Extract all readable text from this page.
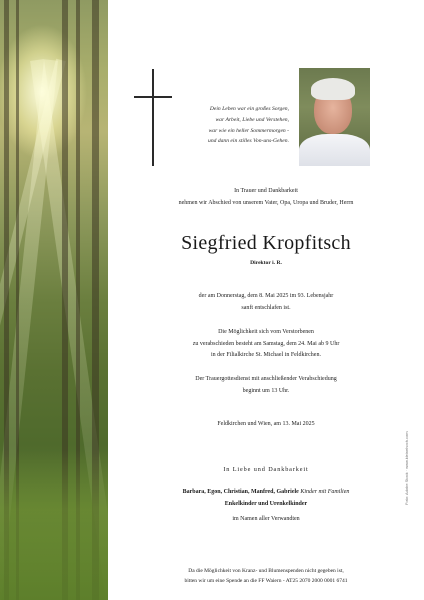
Dein Leben war ein großes Sorgen,
war Arbeit, Liebe und Verstehen,
war wie ein heller Sommermorgen -
und dann ein stilles Von-uns-Gehen.
In Trauer und Dankbarkeit
nehmen wir Abschied von unserem Vater, Opa, Uropa und Bruder, Herrn
Siegfried Kropfitsch
Direktor i. R.
der am Donnerstag, dem 8. Mai 2025 im 93. Lebensjahr
sanft entschlafen ist.
Die Möglichkeit sich vom Verstorbenen
zu verabschieden besteht am Samstag, dem 24. Mai ab 9 Uhr
in der Filialkirche St. Michael in Feldkirchen.
Der Trauergottesdienst mit anschließender Verabschiedung
beginnt um 13 Uhr.
Feldkirchen und Wien, am 13. Mai 2025
In Liebe und Dankbarkeit
Barbara, Egon, Christian, Manfred, Gabriele Kinder mit Familien
Enkelkinder und Urenkelkinder
im Namen aller Verwandten
Da die Möglichkeit von Kranz- und Blumenspenden nicht gegeben ist,
bitten wir um eine Spende an die FF Waiern - AT25 2070 2000 0001 6741
Foto: Adobe Stock · www.kleinehoch.com
